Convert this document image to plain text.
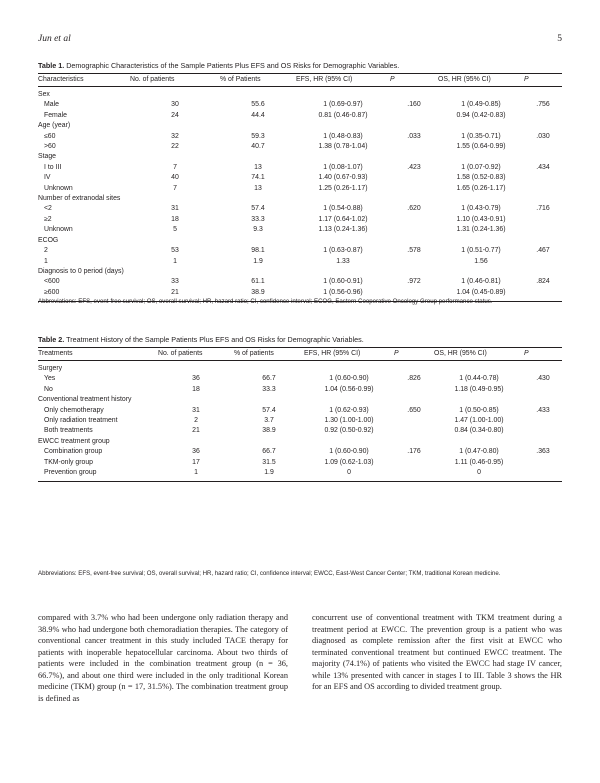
Jun et al	5
Table 1. Demographic Characteristics of the Sample Patients Plus EFS and OS Risks for Demographic Variables.
Characteristics	No. of patients	% of Patients	EFS, HR (95% CI)	P	OS, HR (95% CI)	P
Sex						
Male	30	55.6	1 (0.69-0.97)	.160	1 (0.49-0.85)	.756
Female	24	44.4	0.81 (0.46-0.87)		0.94 (0.42-0.83)	
Age (year)						
≤60	32	59.3	1 (0.48-0.83)	.033	1 (0.35-0.71)	.030
>60	22	40.7	1.38 (0.78-1.04)		1.55 (0.64-0.99)	
Stage						
I to III	7	13	1 (0.08-1.07)	.423	1 (0.07-0.92)	.434
IV	40	74.1	1.40 (0.67-0.93)		1.58 (0.52-0.83)	
Unknown	7	13	1.25 (0.26-1.17)		1.65 (0.26-1.17)	
Number of extranodal sites						
<2	31	57.4	1 (0.54-0.88)	.620	1 (0.43-0.79)	.716
≥2	18	33.3	1.17 (0.64-1.02)		1.10 (0.43-0.91)	
Unknown	5	9.3	1.13 (0.24-1.36)		1.31 (0.24-1.36)	
ECOG						
2	53	98.1	1 (0.63-0.87)	.578	1 (0.51-0.77)	.467
1	1	1.9	1.33		1.56	
Diagnosis to 0 period (days)						
<600	33	61.1	1 (0.60-0.91)	.972	1 (0.46-0.81)	.824
≥600	21	38.9	1 (0.56-0.96)		1.04 (0.45-0.89)	
Abbreviations: EFS, event-free survival; OS, overall survival; HR, hazard ratio; CI, confidence interval; ECOG, Eastern Cooperative Oncology Group performance status.
Table 2. Treatment History of the Sample Patients Plus EFS and OS Risks for Demographic Variables.
Treatments	No. of patients	% of patients	EFS, HR (95% CI)	P	OS, HR (95% CI)	P
Surgery						
Yes	36	66.7	1 (0.60-0.90)	.826	1 (0.44-0.78)	.430
No	18	33.3	1.04 (0.56-0.99)		1.18 (0.49-0.95)	
Conventional treatment history						
Only chemotherapy	31	57.4	1 (0.62-0.93)	.650	1 (0.50-0.85)	.433
Only radiation treatment	2	3.7	1.30 (1.00-1.00)		1.47 (1.00-1.00)	
Both treatments	21	38.9	0.92 (0.50-0.92)		0.84 (0.34-0.80)	
EWCC treatment group						
Combination group	36	66.7	1 (0.60-0.90)	.176	1 (0.47-0.80)	.363
TKM-only group	17	31.5	1.09 (0.62-1.03)		1.11 (0.46-0.95)	
Prevention group	1	1.9	0		0	
Abbreviations: EFS, event-free survival; OS, overall survival; HR, hazard ratio; CI, confidence interval; EWCC, East-West Cancer Center; TKM, traditional Korean medicine.
compared with 3.7% who had been undergone only radiation therapy and 38.9% who had undergone both chemoradiation therapies. The category of conventional cancer treatment in this study included TACE therapy for patients with inoperable hepatocellular carcinoma. About two thirds of patients were included in the combination treatment group (n = 36, 66.7%), and about one third were included in the only traditional Korean medicine (TKM) group (n = 17, 31.5%). The combination treatment group is defined as
concurrent use of conventional treatment with TKM treatment during a treatment period at EWCC. The prevention group is a patient who was diagnosed as complete remission after the first visit at EWCC who terminated conventional treatment but continued EWCC treatment. The majority (74.1%) of patients who visited the EWCC had stage IV cancer, while 13% presented with cancer in stages I to III. Table 3 shows the HR for an EFS and OS according to divided treatment group.
